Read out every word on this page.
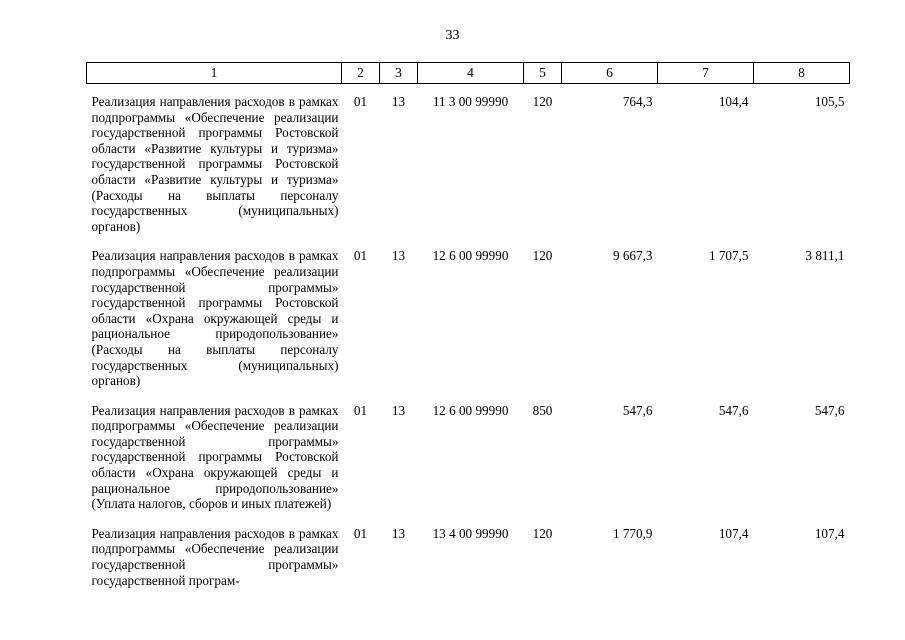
33
1	2	3	4	5	6	7	8
Реализация направления расходов в рамках подпрограммы «Обеспечение реализации государственной программы Ростовской области «Развитие культуры и туризма» государственной программы Ростовской области «Развитие культуры и туризма» (Расходы на выплаты персоналу государственных (муниципальных) органов)	01	13	11 3 00 99990	120	764,3	104,4	105,5
Реализация направления расходов в рамках подпрограммы «Обеспечение реализации государственной программы» государственной программы Ростовской области «Охрана окружающей среды и рациональное природопользование» (Расходы на выплаты персоналу государственных (муниципальных) органов)	01	13	12 6 00 99990	120	9 667,3	1 707,5	3 811,1
Реализация направления расходов в рамках подпрограммы «Обеспечение реализации государственной программы» государственной программы Ростовской области «Охрана окружающей среды и рациональное природопользование» (Уплата налогов, сборов и иных платежей)	01	13	12 6 00 99990	850	547,6	547,6	547,6
Реализация направления расходов в рамках подпрограммы «Обеспечение реализации государственной программы» государственной програм-	01	13	13 4 00 99990	120	1 770,9	107,4	107,4
